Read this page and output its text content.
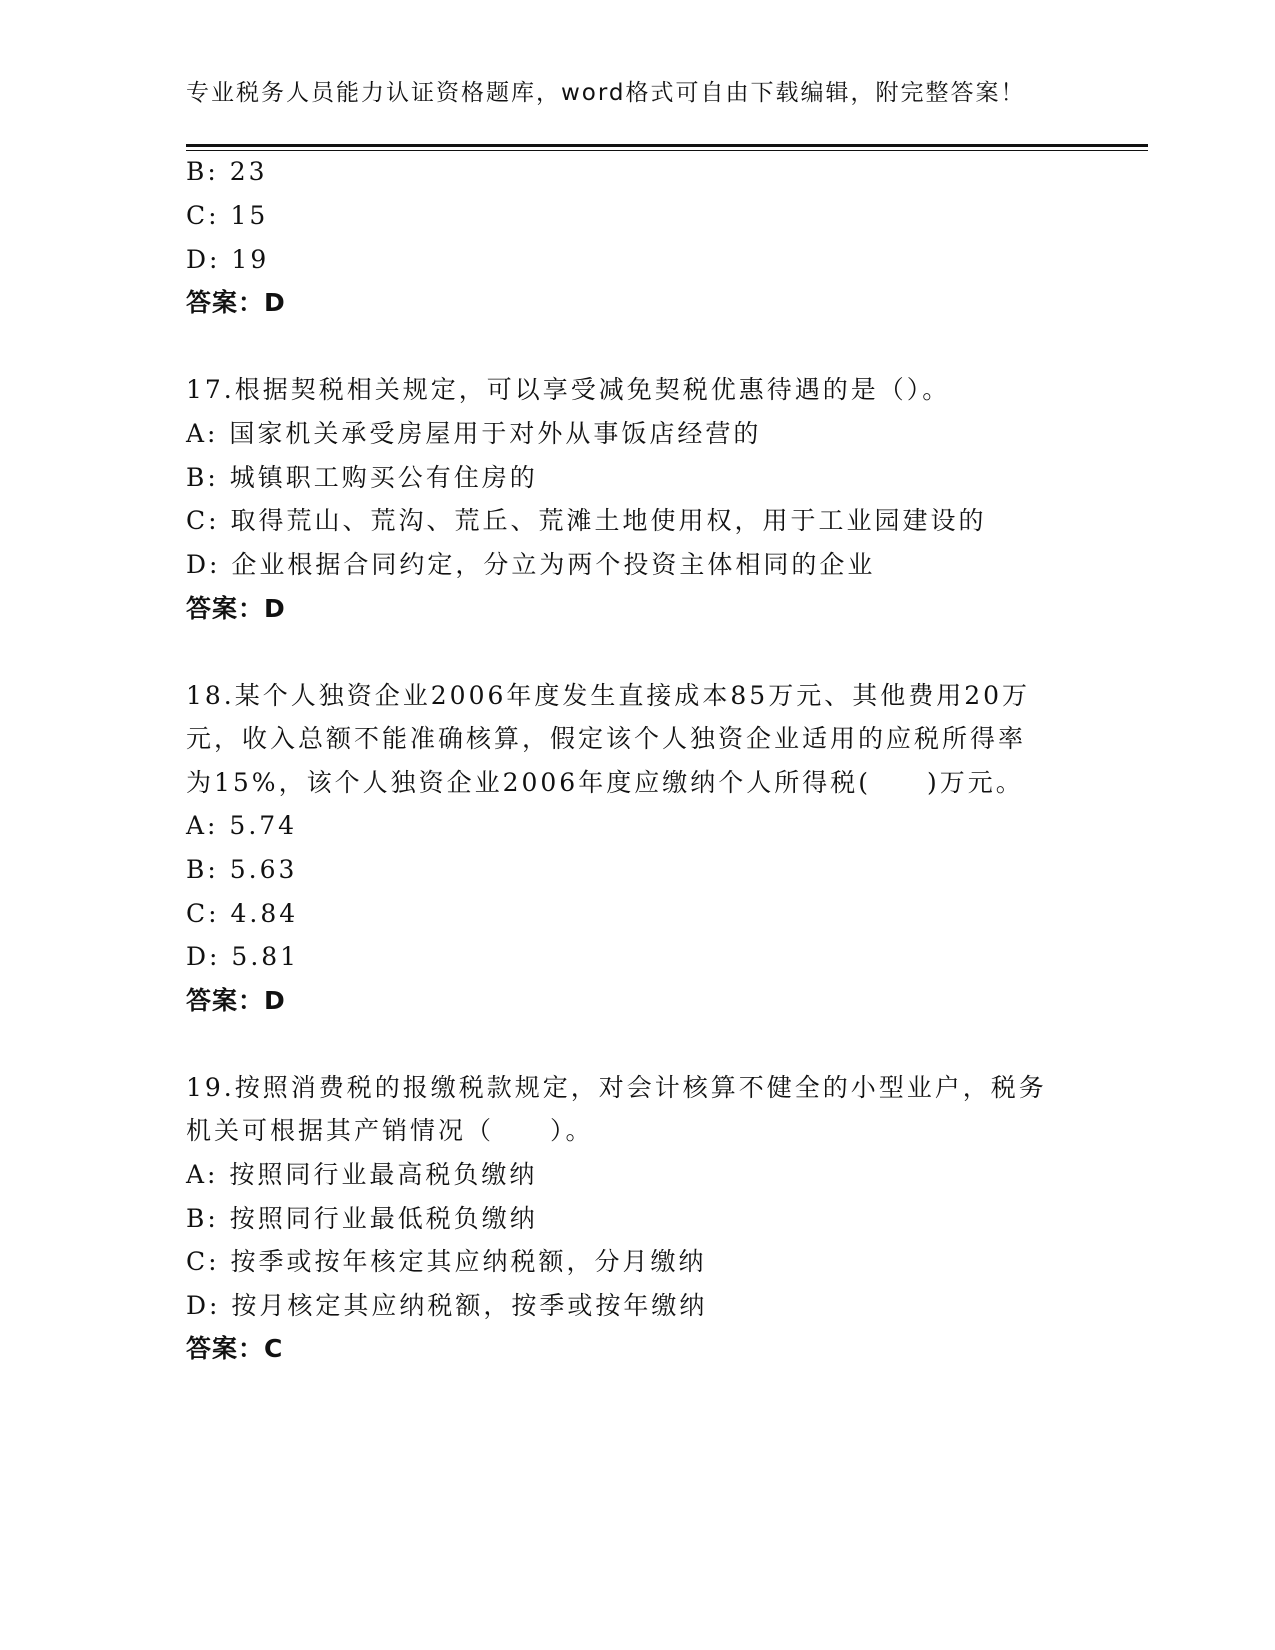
专业税务人员能力认证资格题库，word格式可自由下载编辑，附完整答案！
B: 23
C: 15
D: 19
答案：D
17.根据契税相关规定，可以享受减免契税优惠待遇的是（）。
A: 国家机关承受房屋用于对外从事饭店经营的
B: 城镇职工购买公有住房的
C: 取得荒山、荒沟、荒丘、荒滩土地使用权，用于工业园建设的
D: 企业根据合同约定，分立为两个投资主体相同的企业
答案：D
18.某个人独资企业2006年度发生直接成本85万元、其他费用20万
元，收入总额不能准确核算，假定该个人独资企业适用的应税所得率
为15%，该个人独资企业2006年度应缴纳个人所得税(　　)万元。
A: 5.74
B: 5.63
C: 4.84
D: 5.81
答案：D
19.按照消费税的报缴税款规定，对会计核算不健全的小型业户，税务
机关可根据其产销情况（　　）。
A: 按照同行业最高税负缴纳
B: 按照同行业最低税负缴纳
C: 按季或按年核定其应纳税额，分月缴纳
D: 按月核定其应纳税额，按季或按年缴纳
答案：C
